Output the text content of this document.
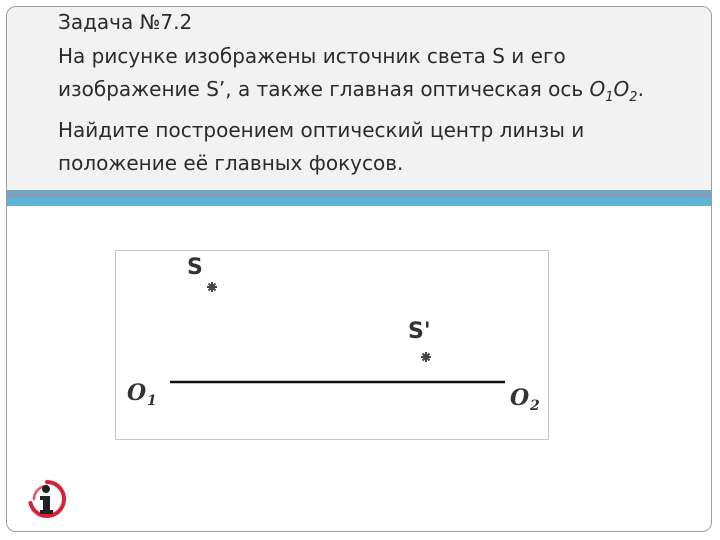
Задача №7.2

На рисунке изображены источник света S и его изображение S’, а также главная оптическая ось $O_1O_2$. Найдите построением оптический центр линзы и положение её главных фокусов.

S
S'
O 1	O 2
